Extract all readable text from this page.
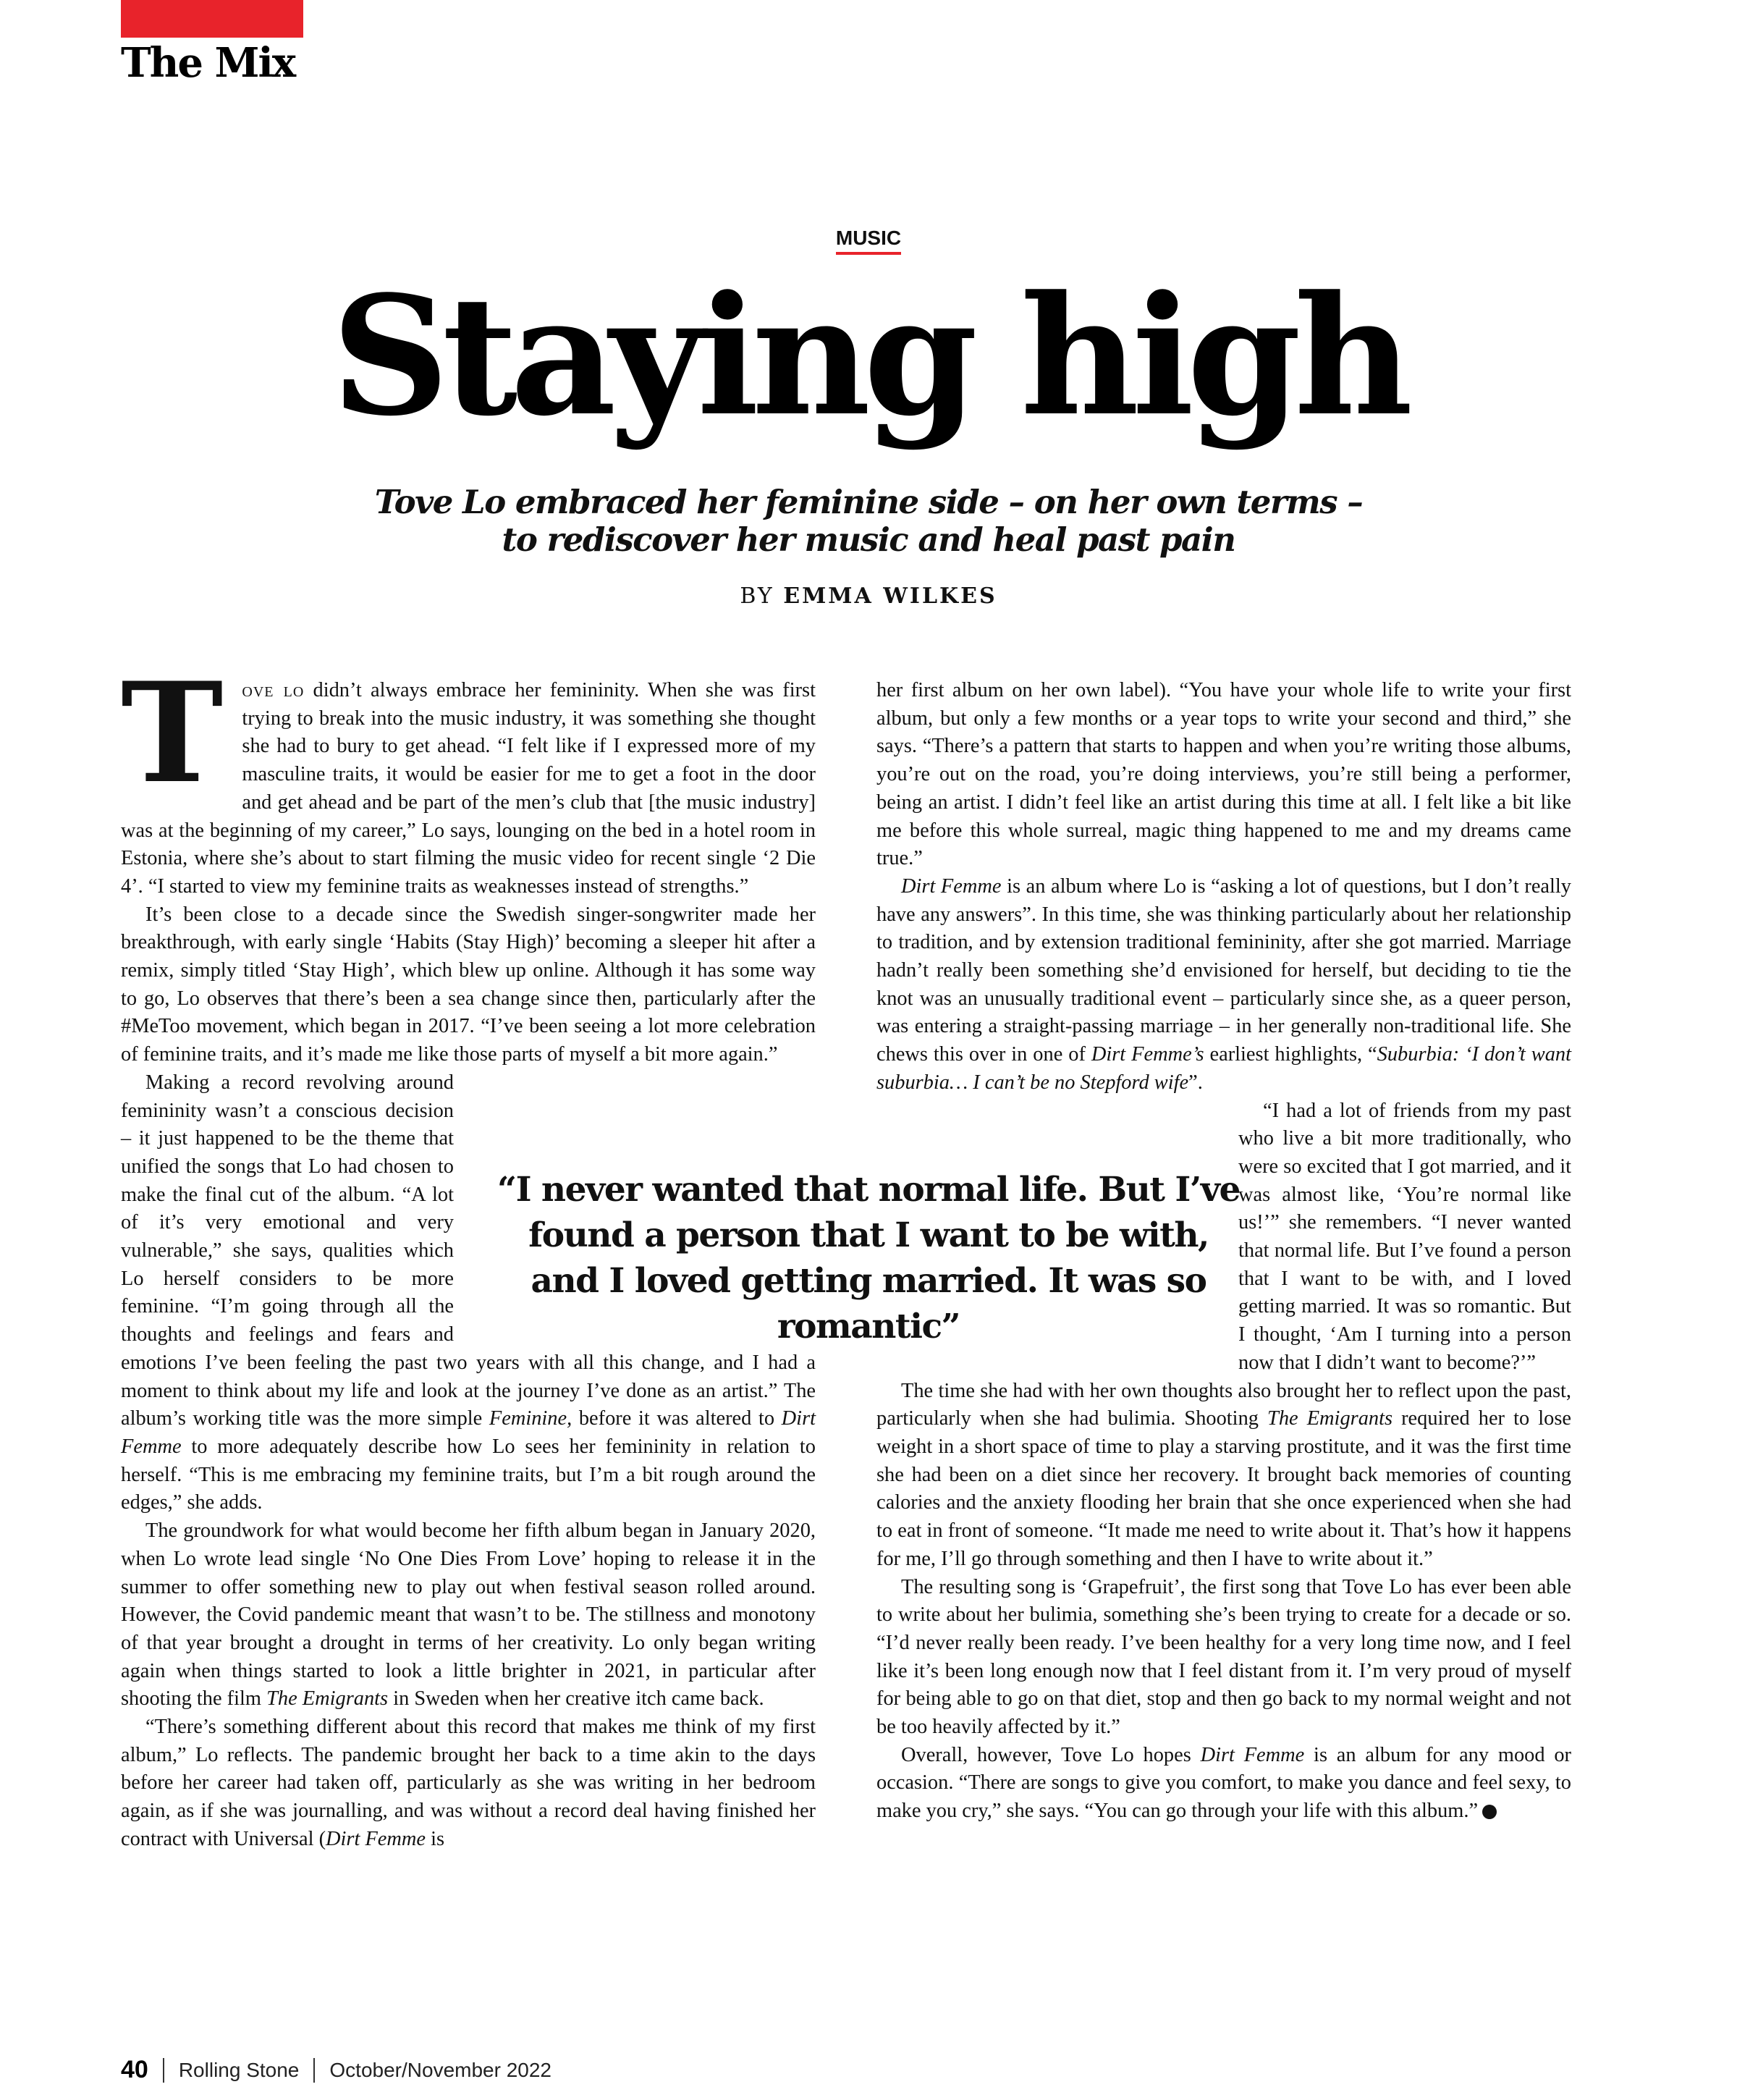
The Mix
MUSIC
Staying high
Tove Lo embraced her feminine side – on her own terms – to rediscover her music and heal past pain
BY EMMA WILKES

Tove lo didn’t always embrace her femininity. When she was first trying to break into the music industry, it was something she thought she had to bury to get ahead. “I felt like if I expressed more of my masculine traits, it would be easier for me to get a foot in the door and get ahead and be part of the men’s club that [the music industry] was at the beginning of my career,” Lo says, lounging on the bed in a hotel room in Estonia, where she’s about to start filming the music video for recent single ‘2 Die 4’. “I started to view my feminine traits as weaknesses instead of strengths.”

It’s been close to a decade since the Swedish singer-songwriter made her breakthrough, with early single ‘Habits (Stay High)’ becoming a sleeper hit after a remix, simply titled ‘Stay High’, which blew up online. Although it has some way to go, Lo observes that there’s been a sea change since then, particularly after the #MeToo movement, which began in 2017. “I’ve been seeing a lot more celebration of feminine traits, and it’s made me like those parts of myself a bit more again.”

Making a record revolving around femininity wasn’t a conscious decision – it just happened to be the theme that unified the songs that Lo had chosen to make the final cut of the album. “A lot of it’s very emotional and very vulnerable,” she says, qualities which Lo herself considers to be more feminine. “I’m going through all the thoughts and feelings and fears and emotions I’ve been feeling the past two years with all this change, and I had a moment to think about my life and look at the journey I’ve done as an artist.” The album’s working title was the more simple Feminine, before it was altered to Dirt Femme to more adequately describe how Lo sees her femininity in relation to herself. “This is me embracing my feminine traits, but I’m a bit rough around the edges,” she adds.

The groundwork for what would become her fifth album began in January 2020, when Lo wrote lead single ‘No One Dies From Love’ hoping to release it in the summer to offer something new to play out when festival season rolled around. However, the Covid pandemic meant that wasn’t to be. The stillness and monotony of that year brought a drought in terms of her creativity. Lo only began writing again when things started to look a little brighter in 2021, in particular after shooting the film The Emigrants in Sweden when her creative itch came back.

“There’s something different about this record that makes me think of my first album,” Lo reflects. The pandemic brought her back to a time akin to the days before her career had taken off, particularly as she was writing in her bedroom again, as if she was journalling, and was without a record deal having finished her contract with Universal (Dirt Femme is

her first album on her own label). “You have your whole life to write your first album, but only a few months or a year tops to write your second and third,” she says. “There’s a pattern that starts to happen and when you’re writing those albums, you’re out on the road, you’re doing interviews, you’re still being a performer, being an artist. I didn’t feel like an artist during this time at all. I felt like a bit like me before this whole surreal, magic thing happened to me and my dreams came true.”

Dirt Femme is an album where Lo is “asking a lot of questions, but I don’t really have any answers”. In this time, she was thinking particularly about her relationship to tradition, and by extension traditional femininity, after she got married. Marriage hadn’t really been something she’d envisioned for herself, but deciding to tie the knot was an unusually traditional event – particularly since she, as a queer person, was entering a straight-passing marriage – in her generally non-traditional life. She chews this over in one of Dirt Femme’s earliest highlights, “Suburbia: ‘I don’t want suburbia… I can’t be no Stepford wife”.

“I had a lot of friends from my past who live a bit more traditionally, who were so excited that I got married, and it was almost like, ‘You’re normal like us!’” she remembers. “I never wanted that normal life. But I’ve found a person that I want to be with, and I loved getting married. It was so romantic. But I thought, ‘Am I turning into a person now that I didn’t want to become?’”

The time she had with her own thoughts also brought her to reflect upon the past, particularly when she had bulimia. Shooting The Emigrants required her to lose weight in a short space of time to play a starving prostitute, and it was the first time she had been on a diet since her recovery. It brought back memories of counting calories and the anxiety flooding her brain that she once experienced when she had to eat in front of someone. “It made me need to write about it. That’s how it happens for me, I’ll go through something and then I have to write about it.”

The resulting song is ‘Grapefruit’, the first song that Tove Lo has ever been able to write about her bulimia, something she’s been trying to create for a decade or so. “I’d never really been ready. I’ve been healthy for a very long time now, and I feel like it’s been long enough now that I feel distant from it. I’m very proud of myself for being able to go on that diet, stop and then go back to my normal weight and not be too heavily affected by it.”

Overall, however, Tove Lo hopes Dirt Femme is an album for any mood or occasion. “There are songs to give you comfort, to make you dance and feel sexy, to make you cry,” she says. “You can go through your life with this album.”	R

“I never wanted that normal life. But I’ve found a person that I want to be with, and I loved getting married. It was so romantic”
40 Rolling Stone October/November 2022
